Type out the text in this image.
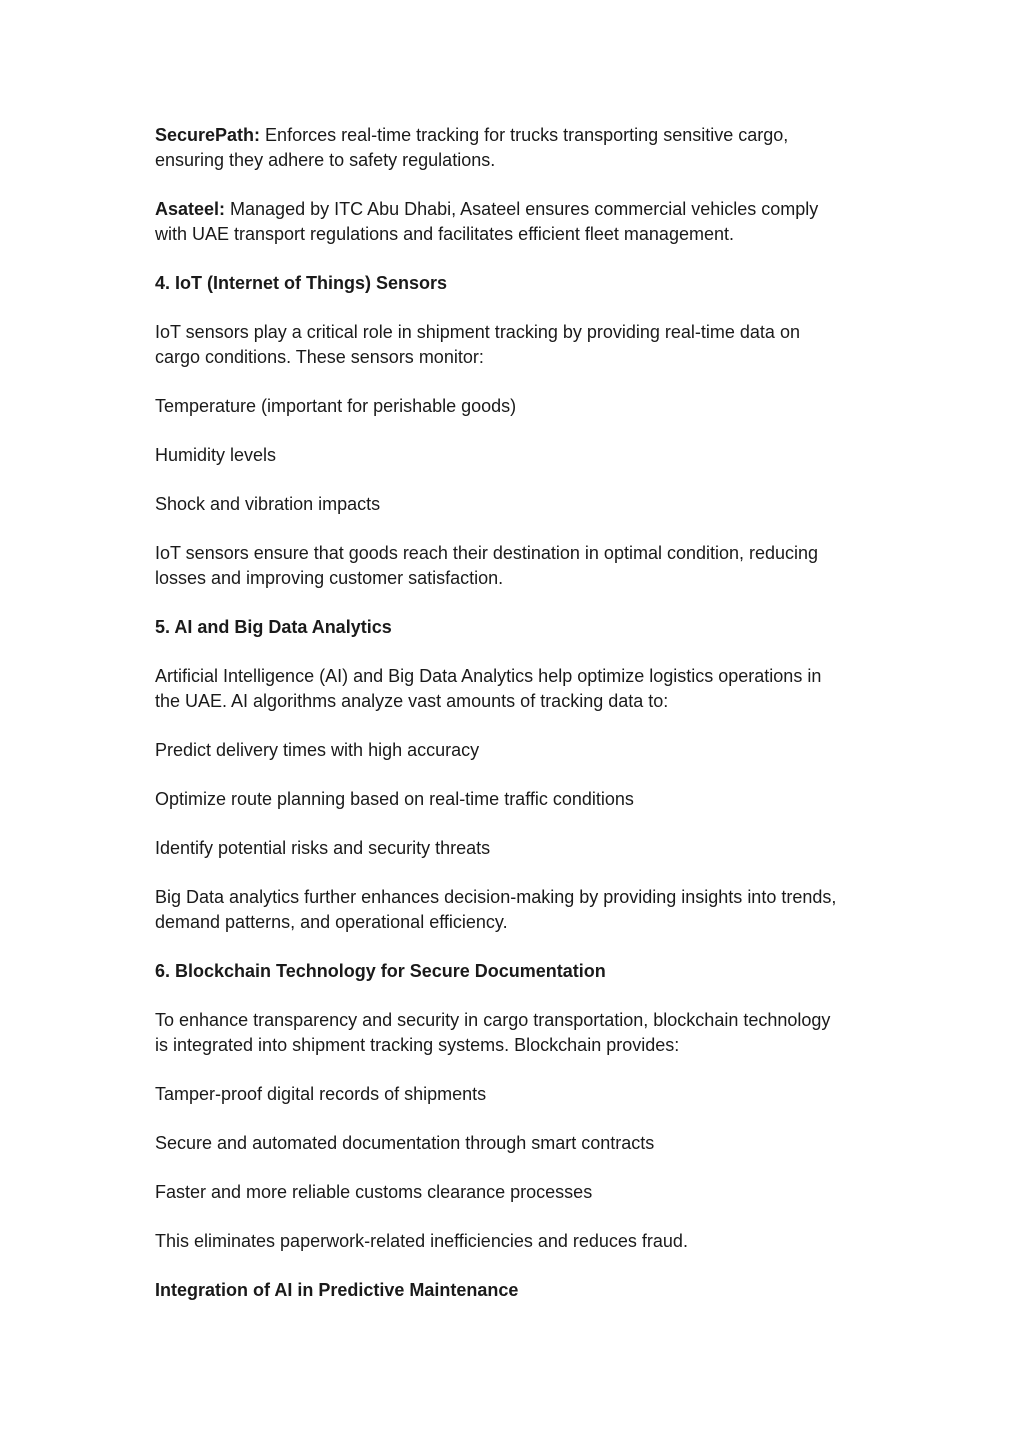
SecurePath: Enforces real-time tracking for trucks transporting sensitive cargo,
ensuring they adhere to safety regulations.
Asateel: Managed by ITC Abu Dhabi, Asateel ensures commercial vehicles comply
with UAE transport regulations and facilitates efficient fleet management.
4. IoT (Internet of Things) Sensors
IoT sensors play a critical role in shipment tracking by providing real-time data on
cargo conditions. These sensors monitor:
Temperature (important for perishable goods)
Humidity levels
Shock and vibration impacts
IoT sensors ensure that goods reach their destination in optimal condition, reducing
losses and improving customer satisfaction.
5. AI and Big Data Analytics
Artificial Intelligence (AI) and Big Data Analytics help optimize logistics operations in
the UAE. AI algorithms analyze vast amounts of tracking data to:
Predict delivery times with high accuracy
Optimize route planning based on real-time traffic conditions
Identify potential risks and security threats
Big Data analytics further enhances decision-making by providing insights into trends,
demand patterns, and operational efficiency.
6. Blockchain Technology for Secure Documentation
To enhance transparency and security in cargo transportation, blockchain technology
is integrated into shipment tracking systems. Blockchain provides:
Tamper-proof digital records of shipments
Secure and automated documentation through smart contracts
Faster and more reliable customs clearance processes
This eliminates paperwork-related inefficiencies and reduces fraud.
Integration of AI in Predictive Maintenance
